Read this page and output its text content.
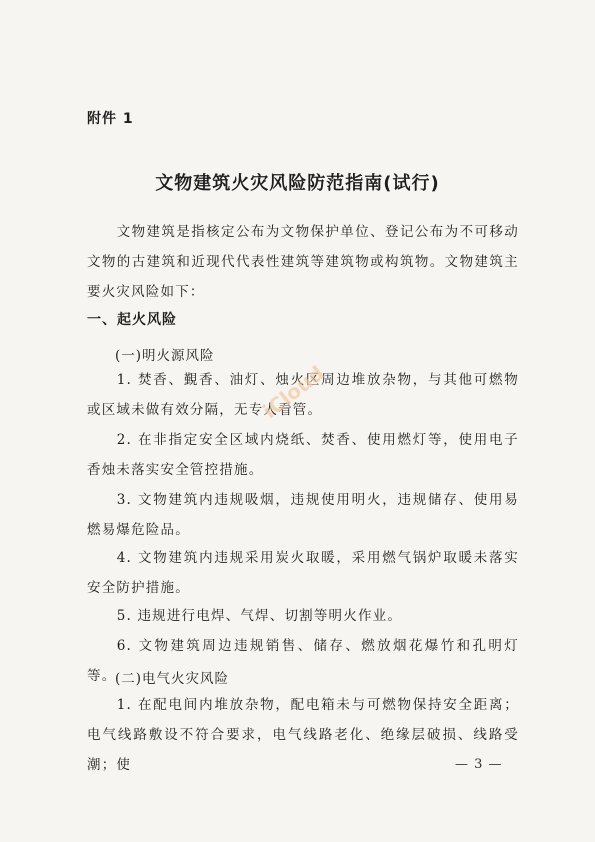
附件 1
文物建筑火灾风险防范指南(试行)
文物建筑是指核定公布为文物保护单位、登记公布为不可移动文物的古建筑和近现代代表性建筑等建筑物或构筑物。文物建筑主要火灾风险如下：
一、起火风险
(一)明火源风险
1. 焚香、覲香、油灯、烛火区周边堆放杂物，与其他可燃物或区域未做有效分隔，无专人看管。
2. 在非指定安全区域内烧纸、焚香、使用燃灯等，使用电子香烛未落实安全管控措施。
3. 文物建筑内违规吸烟，违规使用明火，违规储存、使用易燃易爆危险品。
4. 文物建筑内违规采用炭火取暖，采用燃气锅炉取暖未落实安全防护措施。
5. 违规进行电焊、气焊、切割等明火作业。
6. 文物建筑周边违规销售、储存、燃放烟花爆竹和孔明灯等。
(二)电气火灾风险
1. 在配电间内堆放杂物，配电箱未与可燃物保持安全距离；电气线路敷设不符合要求，电气线路老化、绝缘层破损、线路受潮；使
iCloud
— 3 —
